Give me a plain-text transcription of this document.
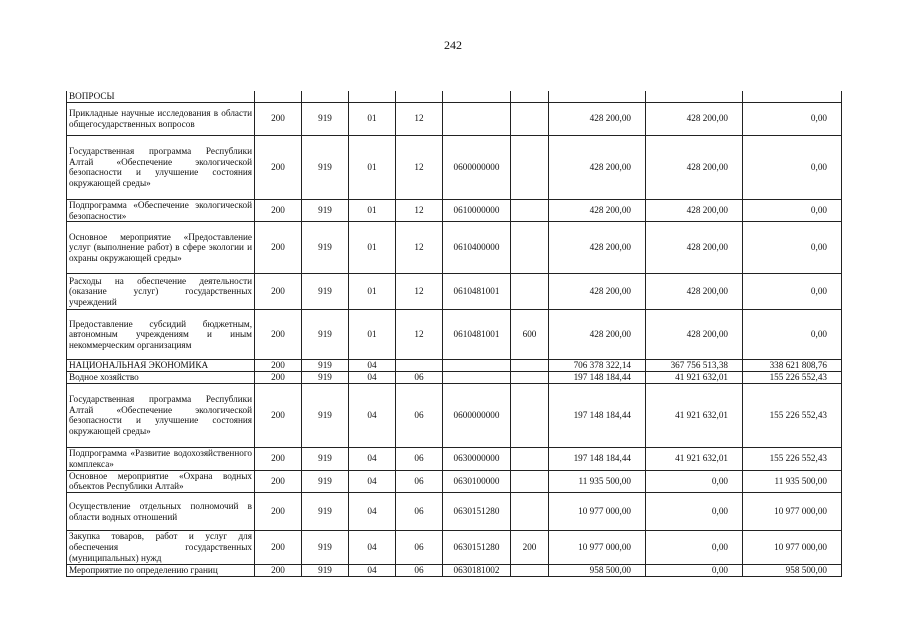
242
ВОПРОСЫ									
Прикладные научные исследования в области общегосударственных вопросов	200	919	01	12			428 200,00	428 200,00	0,00
Государственная программа Республики Алтай «Обеспечение экологической безопасности и улучшение состояния окружающей среды»	200	919	01	12	0600000000		428 200,00	428 200,00	0,00
Подпрограмма «Обеспечение экологической безопасности»	200	919	01	12	0610000000		428 200,00	428 200,00	0,00
Основное мероприятие «Предоставление услуг (выполнение работ) в сфере экологии и охраны окружающей среды»	200	919	01	12	0610400000		428 200,00	428 200,00	0,00
Расходы на обеспечение деятельности (оказание услуг) государственных учреждений	200	919	01	12	0610481001		428 200,00	428 200,00	0,00
Предоставление субсидий бюджетным, автономным учреждениям и иным некоммерческим организациям	200	919	01	12	0610481001	600	428 200,00	428 200,00	0,00
НАЦИОНАЛЬНАЯ ЭКОНОМИКА	200	919	04				706 378 322,14	367 756 513,38	338 621 808,76
Водное хозяйство	200	919	04	06			197 148 184,44	41 921 632,01	155 226 552,43
Государственная программа Республики Алтай «Обеспечение экологической безопасности и улучшение состояния окружающей среды»	200	919	04	06	0600000000		197 148 184,44	41 921 632,01	155 226 552,43
Подпрограмма «Развитие водохозяйственного комплекса»	200	919	04	06	0630000000		197 148 184,44	41 921 632,01	155 226 552,43
Основное мероприятие «Охрана водных объектов Республики Алтай»	200	919	04	06	0630100000		11 935 500,00	0,00	11 935 500,00
Осуществление отдельных полномочий в области водных отношений	200	919	04	06	0630151280		10 977 000,00	0,00	10 977 000,00
Закупка товаров, работ и услуг для обеспечения государственных (муниципальных) нужд	200	919	04	06	0630151280	200	10 977 000,00	0,00	10 977 000,00
Мероприятие по определению границ	200	919	04	06	0630181002		958 500,00	0,00	958 500,00
